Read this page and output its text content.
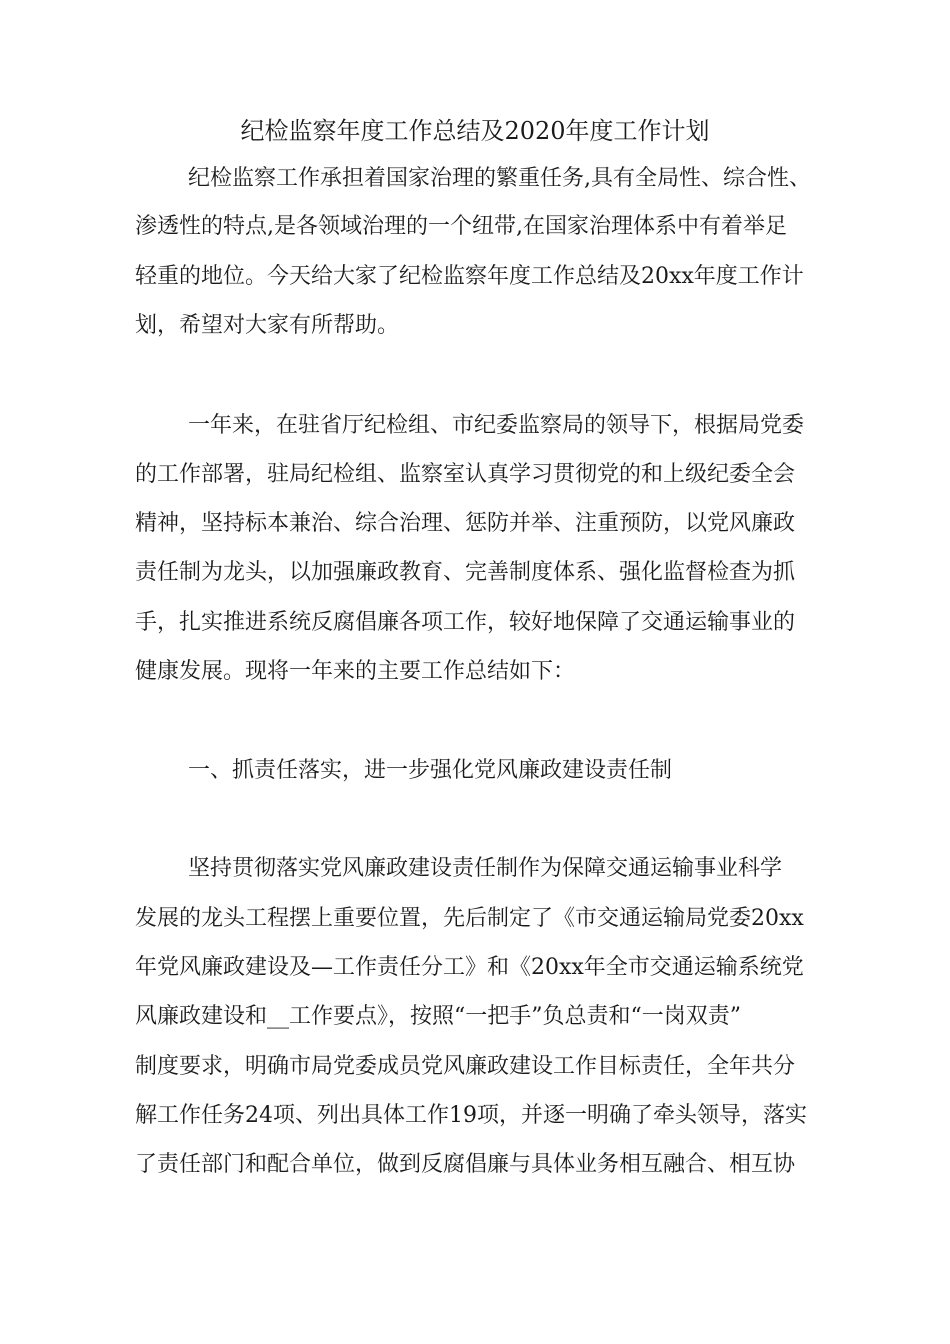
纪检监察年度工作总结及2020年度工作计划
纪检监察工作承担着国家治理的繁重任务,具有全局性、综合性、
渗透性的特点,是各领域治理的一个纽带,在国家治理体系中有着举足
轻重的地位。今天给大家了纪检监察年度工作总结及20xx年度工作计
划，希望对大家有所帮助。
一年来，在驻省厅纪检组、市纪委监察局的领导下，根据局党委
的工作部署，驻局纪检组、监察室认真学习贯彻党的和上级纪委全会
精神，坚持标本兼治、综合治理、惩防并举、注重预防，以党风廉政
责任制为龙头，以加强廉政教育、完善制度体系、强化监督检查为抓
手，扎实推进系统反腐倡廉各项工作，较好地保障了交通运输事业的
健康发展。现将一年来的主要工作总结如下：
一、抓责任落实，进一步强化党风廉政建设责任制
坚持贯彻落实党风廉政建设责任制作为保障交通运输事业科学
发展的龙头工程摆上重要位置，先后制定了《市交通运输局党委20xx
年党风廉政建设及—工作责任分工》和《20xx年全市交通运输系统党
风廉政建设和__工作要点》，按照“一把手”负总责和“一岗双责”
制度要求，明确市局党委成员党风廉政建设工作目标责任，全年共分
解工作任务24项、列出具体工作19项，并逐一明确了牵头领导，落实
了责任部门和配合单位，做到反腐倡廉与具体业务相互融合、相互协
